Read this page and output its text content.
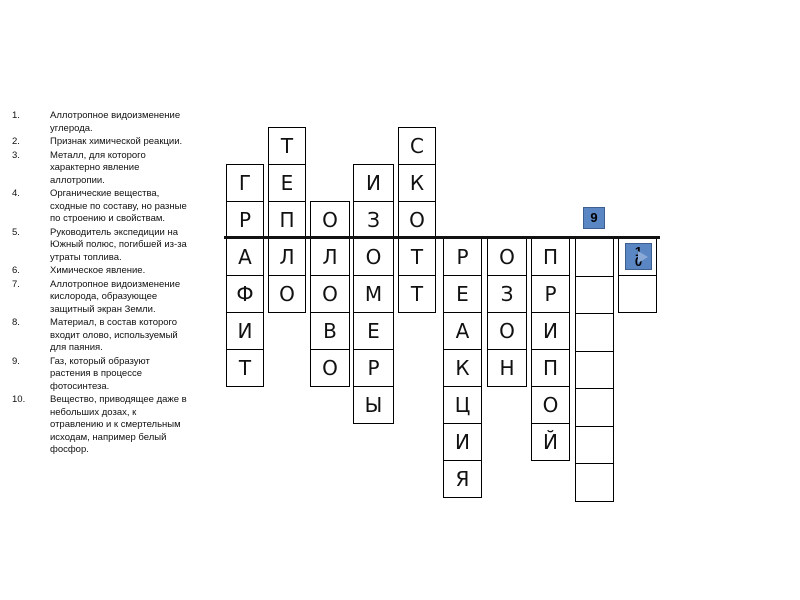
1.	Аллотропное видоизменение углерода.
2.	Признак химической реакции.
3.	Металл, для которого характерно явление аллотропии.
4.	Органические вещества, сходные по составу, но разные по строению и свойствам.
5.	Руководитель экспедиции на Южный полюс, погибшей из-за утраты топлива.
6.	Химическое явление.
7.	Аллотропное видоизменение кислорода, образующее защитный экран Земли.
8.	Материал, в состав которого входит олово, используемый для паяния.
9.	Газ, который образуют растения в процессе фотосинтеза.
10.	Вещество, приводящее даже в небольших дозах, к отравлению и к смертельным исходам, например белый фосфор.
Г
Р
А
Ф
И
Т
Т
Е
П
Л
О
О
Л
О
В
О
И
З
О
М
Е
Р
Ы
С
К
О
Т
Т
Р
Е
А
К
Ц
И
Я
О
З
О
Н
П
Р
И
П
О
Й
9
10
